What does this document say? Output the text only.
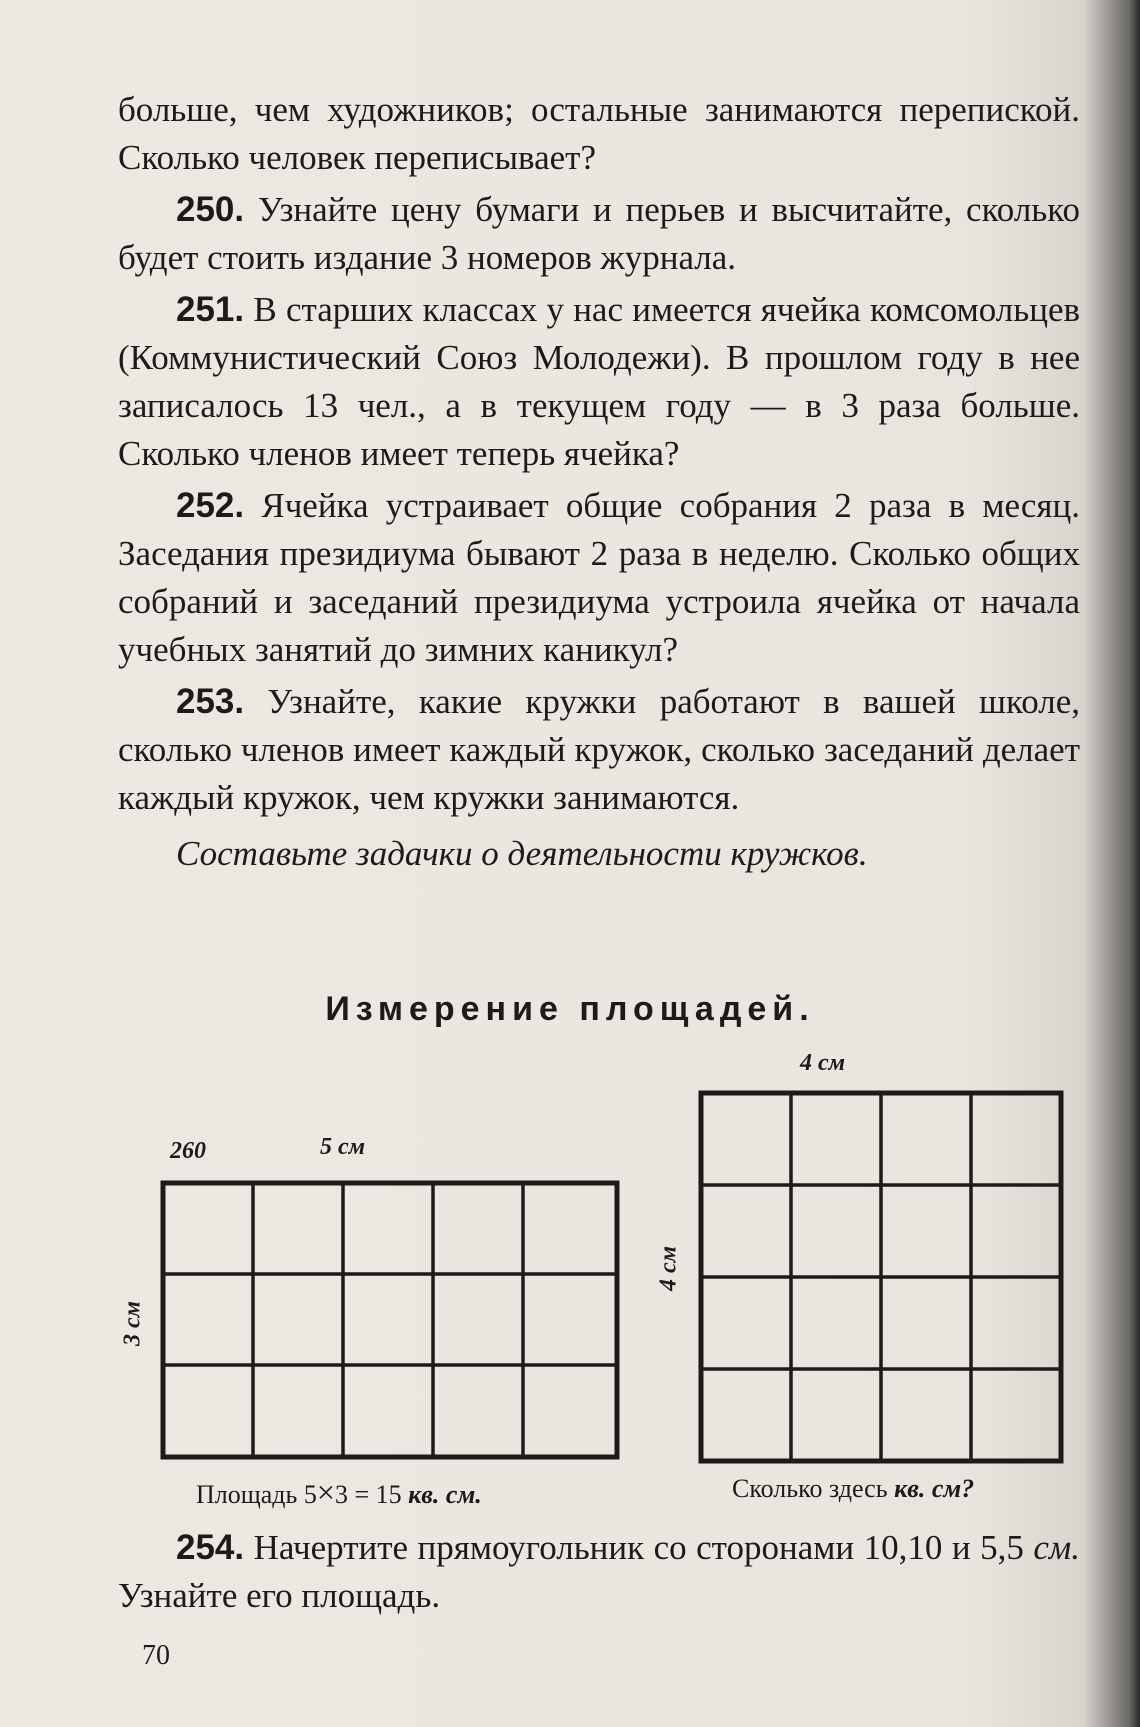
больше, чем художников; остальные занимаются перепиской. Сколько человек переписывает?

250. Узнайте цену бумаги и перьев и высчитайте, сколько будет стоить издание 3 номеров журнала.

251. В старших классах у нас имеется ячейка комсомольцев (Коммунистический Союз Молодежи). В прошлом году в нее записалось 13 чел., а в текущем году — в 3 раза больше. Сколько членов имеет теперь ячейка?

252. Ячейка устраивает общие собрания 2 раза в месяц. Заседания президиума бывают 2 раза в неделю. Сколько общих собраний и заседаний президиума устроила ячейка от начала учебных занятий до зимних каникул?

253. Узнайте, какие кружки работают в вашей школе, сколько членов имеет каждый кружок, сколько заседаний делает каждый кружок, чем кружки занимаются.

Составьте задачки о деятельности кружков.

Измерение площадей.
260	5 см
3 см
Площадь 5×3 = 15 кв. см.
4 см
4 см
Сколько здесь кв. см?

254. Начертите прямоугольник со сторонами 10,10 и 5,5 см. Узнайте его площадь.

70
